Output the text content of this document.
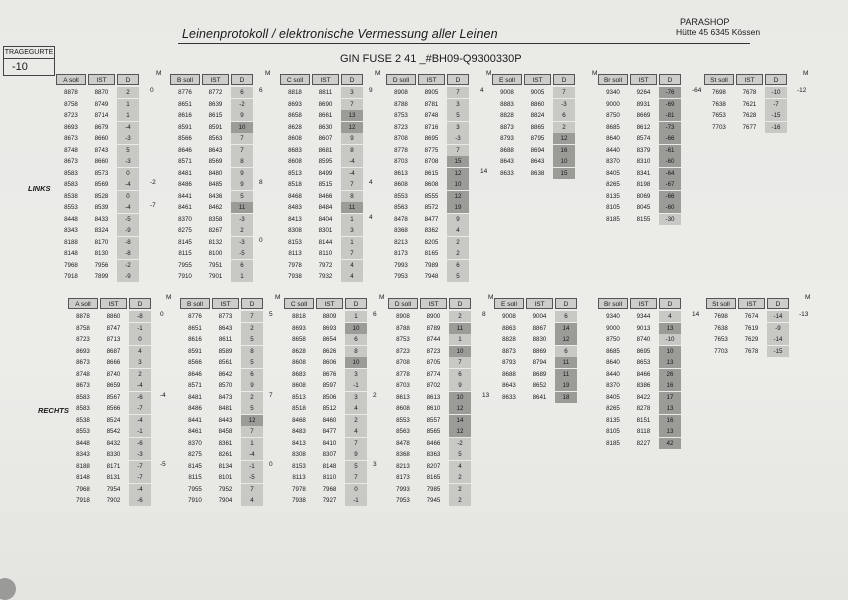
Leinenprotokoll / elektronische Vermessung aller Leinen
PARASHOP
Hütte 45 6345 Kössen
TRAGEGURTE
-10
GIN FUSE 2 41 _#BH09-Q9300330P
LINKS
RECHTS
A soll	IST	D
M
8878	8870	2
8758	8749	1
8723	8714	1
8693	8679	-4
8673	8660	-3
8748	8743	5
8673	8660	-3
8583	8573	0
8583	8569	-4
8538	8528	0
8553	8539	-4
8448	8433	-5
8343	8324	-9
8188	8170	-8
8148	8130	-8
7968	7956	-2
7918	7899	-9
0
-2
-7
B soll	IST	D
M
8776	8772	6
8651	8639	-2
8616	8615	9
8591	8591	10
8566	8563	7
8646	8643	7
8571	8569	8
8481	8480	9
8486	8485	9
8441	8436	5
8461	8462	11
8370	8358	-3
8275	8267	2
8145	8132	-3
8115	8100	-5
7955	7951	6
7910	7901	1
6
8
0
C soll	IST	D
M
8818	8811	3
8693	8690	7
8658	8661	13
8628	8630	12
8608	8607	9
8683	8681	8
8608	8595	-4
8513	8499	-4
8518	8515	7
8468	8466	8
8483	8484	11
8413	8404	1
8308	8301	3
8153	8144	1
8113	8110	7
7978	7972	4
7938	7932	4
9
4
4
D soll	IST	D
M
8908	8905	7
8788	8781	3
8753	8748	5
8723	8716	3
8708	8695	-3
8778	8775	7
8703	8708	15
8613	8615	12
8608	8608	10
8553	8555	12
8563	8572	19
8478	8477	9
8368	8362	4
8213	8205	2
8173	8165	2
7993	7989	6
7953	7948	5
4
14
E soll	IST	D
M
9008	9005	7
8883	8860	-3
8828	8824	6
8873	8865	2
8793	8795	12
8688	8694	16
8643	8643	10
8633	8638	15
Br soll	IST	D
9340	9264	-76
9000	8931	-69
8750	8669	-81
8685	8612	-73
8640	8574	-66
8440	8379	-61
8370	8310	-60
8405	8341	-64
8265	8198	-67
8135	8069	-66
8105	8045	-60
8185	8155	-30
-64
St soll	IST	D
M
7698	7678	-10
7638	7621	-7
7653	7628	-15
7703	7677	-16
-12
A soll	IST	D
M
8878	8860	-8
8758	8747	-1
8723	8713	0
8693	8687	4
8673	8666	3
8748	8740	2
8673	8659	-4
8583	8567	-6
8583	8566	-7
8538	8524	-4
8553	8542	-1
8448	8432	-6
8343	8330	-3
8188	8171	-7
8148	8131	-7
7968	7954	-4
7918	7902	-6
0
-4
-5
B soll	IST	D
M
8776	8773	7
8651	8643	2
8616	8611	5
8591	8589	8
8566	8561	5
8646	8642	6
8571	8570	9
8481	8473	2
8486	8481	5
8441	8443	12
8461	8458	7
8370	8361	1
8275	8261	-4
8145	8134	-1
8115	8101	-5
7955	7952	7
7910	7904	4
5
7
0
C soll	IST	D
M
8818	8809	1
8693	8693	10
8658	8654	6
8628	8626	8
8608	8606	10
8683	8676	3
8608	8597	-1
8513	8506	3
8518	8512	4
8468	8460	2
8483	8477	4
8413	8410	7
8308	8307	9
8153	8148	5
8113	8110	7
7978	7968	0
7938	7927	-1
6
2
3
D soll	IST	D
M
8908	8900	2
8788	8789	11
8753	8744	1
8723	8723	10
8708	8705	7
8778	8774	6
8703	8702	9
8613	8613	10
8608	8610	12
8553	8557	14
8563	8565	12
8478	8466	-2
8368	8363	5
8213	8207	4
8173	8165	2
7993	7985	2
7953	7945	2
8
13
E soll	IST	D
9008	9004	6
8863	8867	14
8828	8830	12
8873	8869	6
8793	8794	11
8688	8689	11
8643	8652	19
8633	8641	18
Br soll	IST	D
9340	9344	4
9000	9013	13
8750	8740	-10
8685	8695	10
8640	8653	13
8440	8466	26
8370	8386	16
8405	8422	17
8265	8278	13
8135	8151	16
8105	8118	13
8185	8227	42
14
St soll	IST	D
M
7698	7674	-14
7638	7619	-9
7653	7629	-14
7703	7678	-15
-13
